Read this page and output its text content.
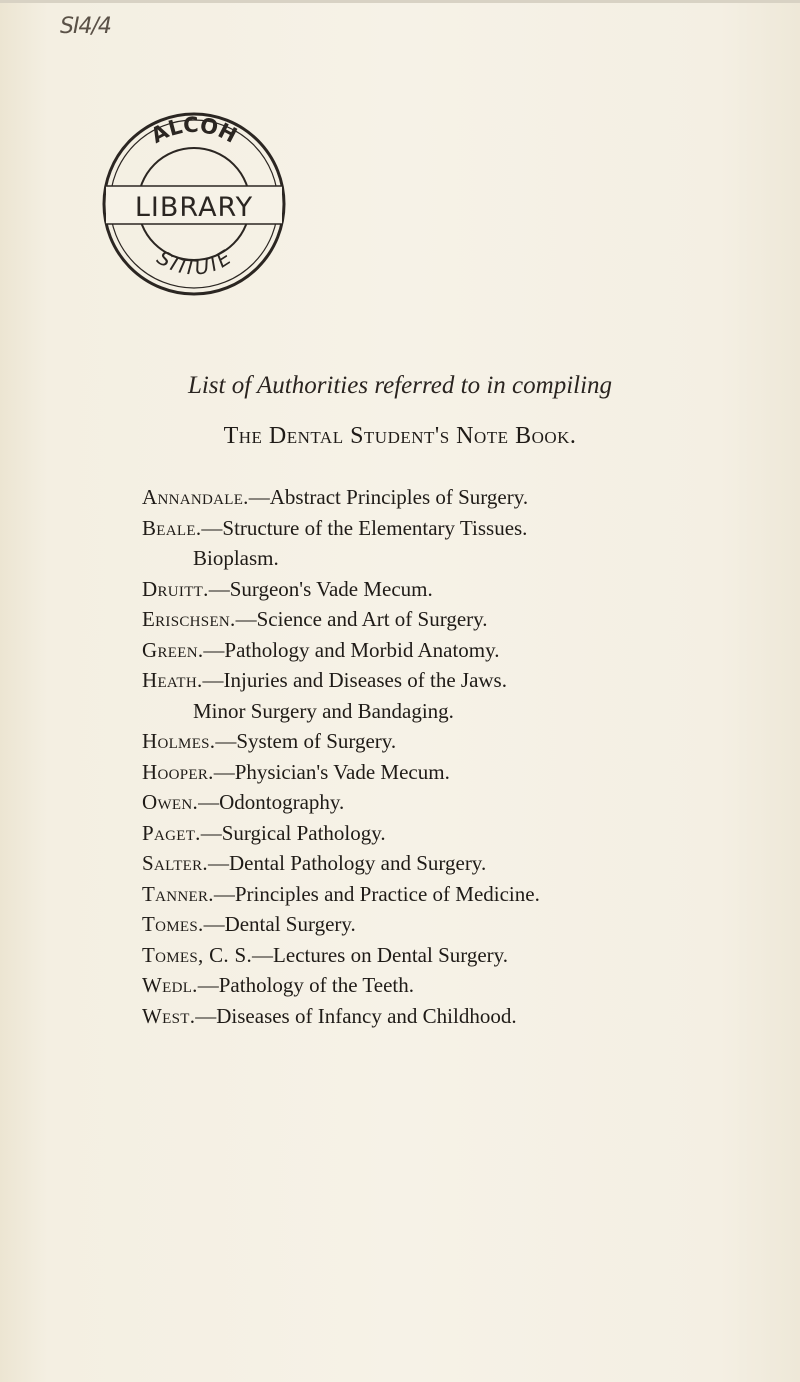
SI4/4
LIBRARY
ALCOH
STITUTE
List of Authorities referred to in compiling
The Dental Student's Note Book.
Annandale.—Abstract Principles of Surgery.
Beale.—Structure of the Elementary Tissues.
Bioplasm.
Druitt.—Surgeon's Vade Mecum.
Erischsen.—Science and Art of Surgery.
Green.—Pathology and Morbid Anatomy.
Heath.—Injuries and Diseases of the Jaws.
Minor Surgery and Bandaging.
Holmes.—System of Surgery.
Hooper.—Physician's Vade Mecum.
Owen.—Odontography.
Paget.—Surgical Pathology.
Salter.—Dental Pathology and Surgery.
Tanner.—Principles and Practice of Medicine.
Tomes.—Dental Surgery.
Tomes, C. S.—Lectures on Dental Surgery.
Wedl.—Pathology of the Teeth.
West.—Diseases of Infancy and Childhood.
